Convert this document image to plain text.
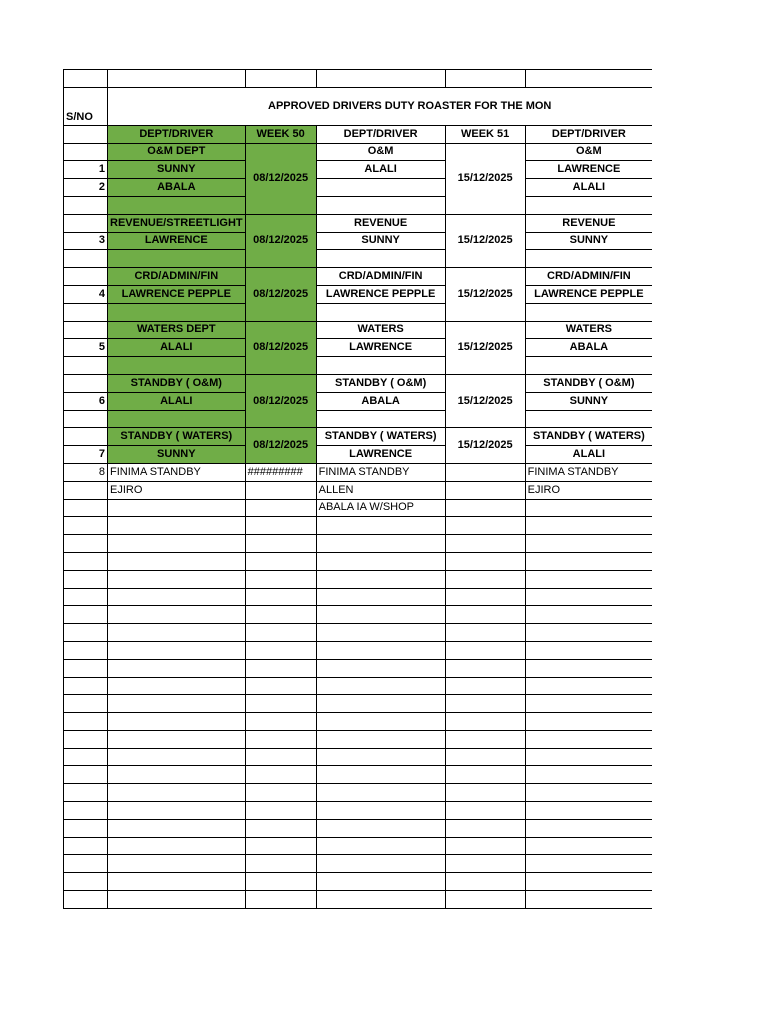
S/NO	APPROVED DRIVERS DUTY ROASTER FOR THE MON				
	DEPT/DRIVER	WEEK 50	DEPT/DRIVER	WEEK 51	DEPT/DRIVER
	O&M DEPT	08/12/2025	O&M	15/12/2025	O&M
1	SUNNY		ALALI		LAWRENCE
2	ABALA				ALALI

	REVENUE/STREETLIGHT	08/12/2025	REVENUE	15/12/2025	REVENUE
3	LAWRENCE		SUNNY		SUNNY

	CRD/ADMIN/FIN	08/12/2025	CRD/ADMIN/FIN	15/12/2025	CRD/ADMIN/FIN
4	LAWRENCE PEPPLE		LAWRENCE PEPPLE		LAWRENCE PEPPLE

	WATERS DEPT	08/12/2025	WATERS	15/12/2025	WATERS
5	ALALI		LAWRENCE		ABALA

	STANDBY ( O&M)	08/12/2025	STANDBY ( O&M)	15/12/2025	STANDBY ( O&M)
6	ALALI		ABALA		SUNNY

	STANDBY ( WATERS)	08/12/2025	STANDBY ( WATERS)	15/12/2025	STANDBY ( WATERS)
7	SUNNY		LAWRENCE		ALALI
8	FINIMA STANDBY	#########	FINIMA STANDBY		FINIMA STANDBY
	EJIRO		ALLEN		EJIRO
			ABALA IA W/SHOP		
